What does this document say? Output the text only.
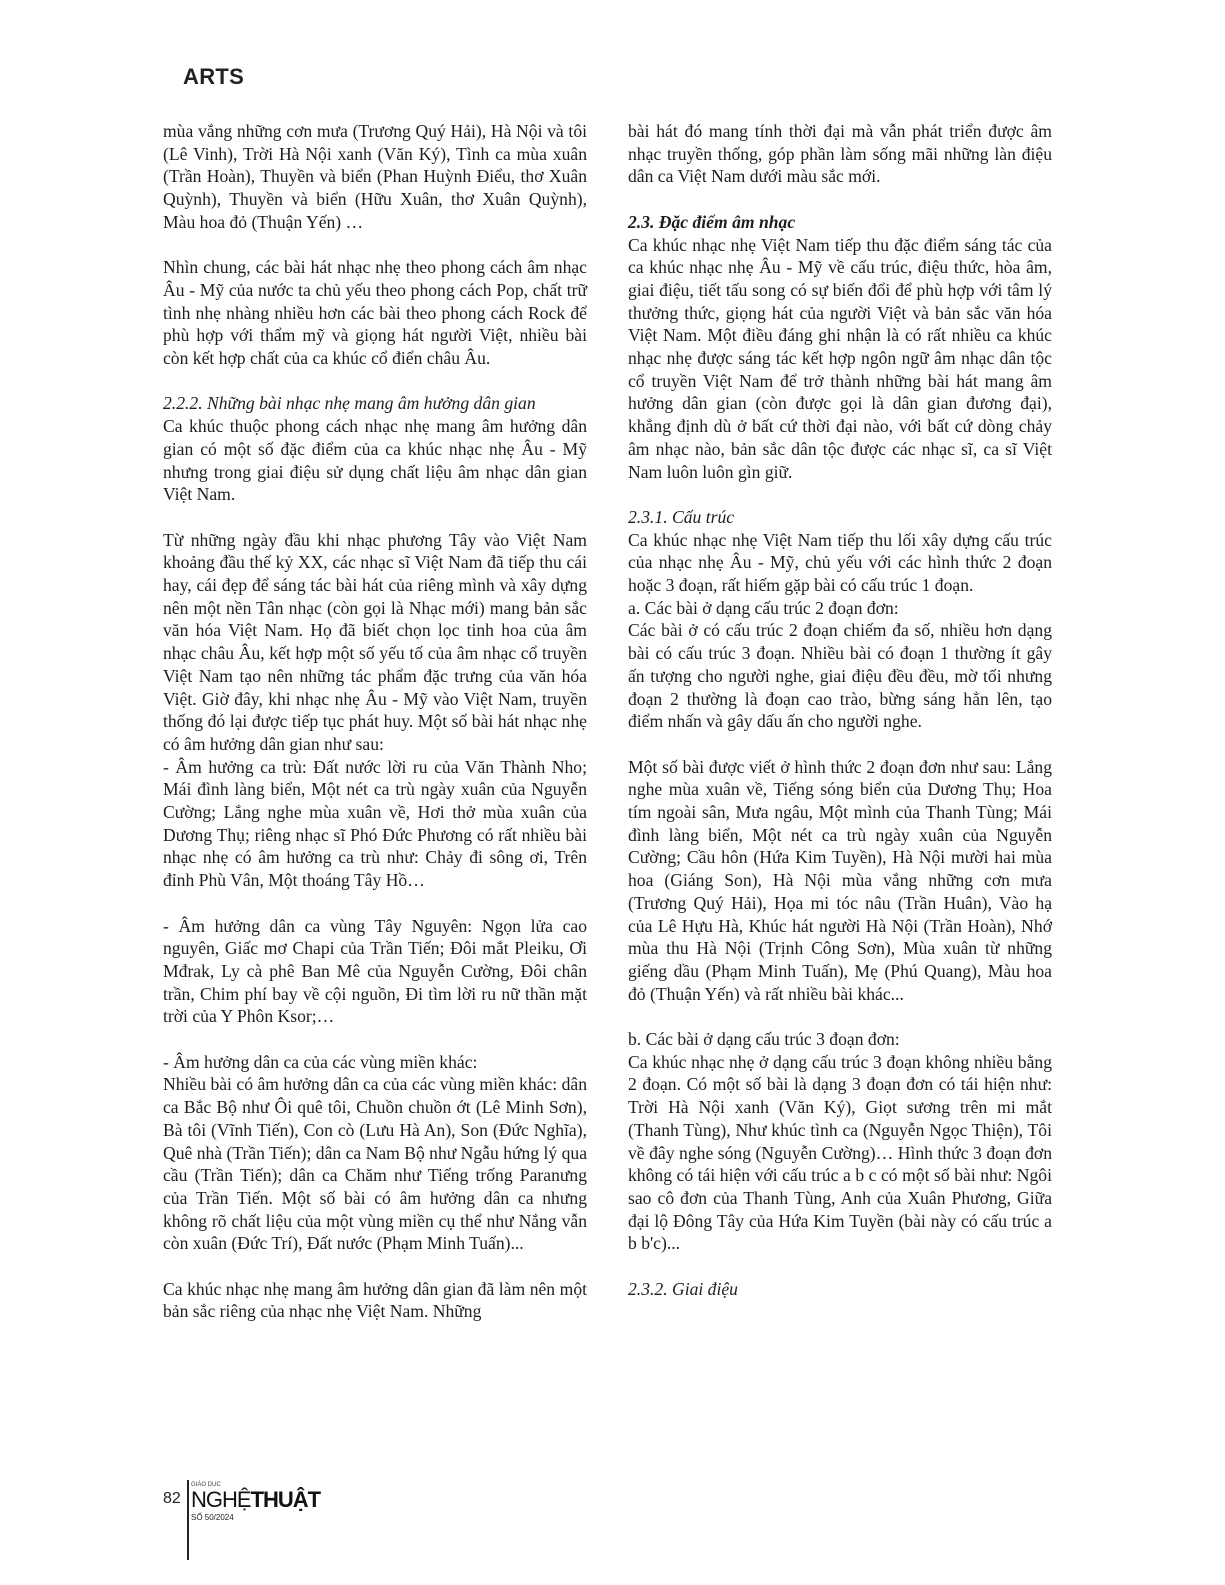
ARTS

mùa vắng những cơn mưa (Trương Quý Hải), Hà Nội và tôi (Lê Vinh), Trời Hà Nội xanh (Văn Ký), Tình ca mùa xuân (Trần Hoàn), Thuyền và biển (Phan Huỳnh Điểu, thơ Xuân Quỳnh), Thuyền và biển (Hữu Xuân, thơ Xuân Quỳnh), Màu hoa đỏ (Thuận Yến) …

Nhìn chung, các bài hát nhạc nhẹ theo phong cách âm nhạc Âu - Mỹ của nước ta chủ yếu theo phong cách Pop, chất trữ tình nhẹ nhàng nhiều hơn các bài theo phong cách Rock để phù hợp với thẩm mỹ và giọng hát người Việt, nhiều bài còn kết hợp chất của ca khúc cổ điển châu Âu.

2.2.2. Những bài nhạc nhẹ mang âm hưởng dân gian

Ca khúc thuộc phong cách nhạc nhẹ mang âm hưởng dân gian có một số đặc điểm của ca khúc nhạc nhẹ Âu - Mỹ nhưng trong giai điệu sử dụng chất liệu âm nhạc dân gian Việt Nam.

Từ những ngày đầu khi nhạc phương Tây vào Việt Nam khoảng đầu thế kỷ XX, các nhạc sĩ Việt Nam đã tiếp thu cái hay, cái đẹp để sáng tác bài hát của riêng mình và xây dựng nên một nền Tân nhạc (còn gọi là Nhạc mới) mang bản sắc văn hóa Việt Nam. Họ đã biết chọn lọc tinh hoa của âm nhạc châu Âu, kết hợp một số yếu tố của âm nhạc cổ truyền Việt Nam tạo nên những tác phẩm đặc trưng của văn hóa Việt. Giờ đây, khi nhạc nhẹ Âu - Mỹ vào Việt Nam, truyền thống đó lại được tiếp tục phát huy. Một số bài hát nhạc nhẹ có âm hưởng dân gian như sau:

- Âm hưởng ca trù: Đất nước lời ru của Văn Thành Nho; Mái đình làng biển, Một nét ca trù ngày xuân của Nguyễn Cường; Lắng nghe mùa xuân về, Hơi thở mùa xuân của Dương Thụ; riêng nhạc sĩ Phó Đức Phương có rất nhiều bài nhạc nhẹ có âm hưởng ca trù như: Chảy đi sông ơi, Trên đỉnh Phù Vân, Một thoáng Tây Hồ…

- Âm hưởng dân ca vùng Tây Nguyên: Ngọn lửa cao nguyên, Giấc mơ Chapi của Trần Tiến; Đôi mắt Pleiku, Ơi Mđrak, Ly cà phê Ban Mê của Nguyễn Cường, Đôi chân trần, Chim phí bay về cội nguồn, Đi tìm lời ru nữ thần mặt trời của Y Phôn Ksor;…

- Âm hưởng dân ca của các vùng miền khác:

Nhiều bài có âm hưởng dân ca của các vùng miền khác: dân ca Bắc Bộ như Ôi quê tôi, Chuồn chuồn ớt (Lê Minh Sơn), Bà tôi (Vĩnh Tiến), Con cò (Lưu Hà An), Son (Đức Nghĩa), Quê nhà (Trần Tiến); dân ca Nam Bộ như Ngẫu hứng lý qua cầu (Trần Tiến); dân ca Chăm như Tiếng trống Paranưng của Trần Tiến. Một số bài có âm hưởng dân ca nhưng không rõ chất liệu của một vùng miền cụ thể như Nắng vẫn còn xuân (Đức Trí), Đất nước (Phạm Minh Tuấn)...

Ca khúc nhạc nhẹ mang âm hưởng dân gian đã làm nên một bản sắc riêng của nhạc nhẹ Việt Nam. Những

bài hát đó mang tính thời đại mà vẫn phát triển được âm nhạc truyền thống, góp phần làm sống mãi những làn điệu dân ca Việt Nam dưới màu sắc mới.

2.3. Đặc điểm âm nhạc

Ca khúc nhạc nhẹ Việt Nam tiếp thu đặc điểm sáng tác của ca khúc nhạc nhẹ Âu - Mỹ về cấu trúc, điệu thức, hòa âm, giai điệu, tiết tấu song có sự biến đổi để phù hợp với tâm lý thưởng thức, giọng hát của người Việt và bản sắc văn hóa Việt Nam. Một điều đáng ghi nhận là có rất nhiều ca khúc nhạc nhẹ được sáng tác kết hợp ngôn ngữ âm nhạc dân tộc cổ truyền Việt Nam để trở thành những bài hát mang âm hưởng dân gian (còn được gọi là dân gian đương đại), khẳng định dù ở bất cứ thời đại nào, với bất cứ dòng chảy âm nhạc nào, bản sắc dân tộc được các nhạc sĩ, ca sĩ Việt Nam luôn luôn gìn giữ.

2.3.1. Cấu trúc

Ca khúc nhạc nhẹ Việt Nam tiếp thu lối xây dựng cấu trúc của nhạc nhẹ Âu - Mỹ, chủ yếu với các hình thức 2 đoạn hoặc 3 đoạn, rất hiếm gặp bài có cấu trúc 1 đoạn.

a. Các bài ở dạng cấu trúc 2 đoạn đơn:

Các bài ở có cấu trúc 2 đoạn chiếm đa số, nhiều hơn dạng bài có cấu trúc 3 đoạn. Nhiều bài có đoạn 1 thường ít gây ấn tượng cho người nghe, giai điệu đều đều, mờ tối nhưng đoạn 2 thường là đoạn cao trào, bừng sáng hẳn lên, tạo điểm nhấn và gây dấu ấn cho người nghe.

Một số bài được viết ở hình thức 2 đoạn đơn như sau: Lắng nghe mùa xuân về, Tiếng sóng biển của Dương Thụ; Hoa tím ngoài sân, Mưa ngâu, Một mình của Thanh Tùng; Mái đình làng biển, Một nét ca trù ngày xuân của Nguyễn Cường; Cầu hôn (Hứa Kim Tuyền), Hà Nội mười hai mùa hoa (Giáng Son), Hà Nội mùa vắng những cơn mưa (Trương Quý Hải), Họa mi tóc nâu (Trần Huân), Vào hạ của Lê Hựu Hà, Khúc hát người Hà Nội (Trần Hoàn), Nhớ mùa thu Hà Nội (Trịnh Công Sơn), Mùa xuân từ những giếng dầu (Phạm Minh Tuấn), Mẹ (Phú Quang), Màu hoa đỏ (Thuận Yến) và rất nhiều bài khác...

b. Các bài ở dạng cấu trúc 3 đoạn đơn:

Ca khúc nhạc nhẹ ở dạng cấu trúc 3 đoạn không nhiều bằng 2 đoạn. Có một số bài là dạng 3 đoạn đơn có tái hiện như: Trời Hà Nội xanh (Văn Ký), Giọt sương trên mi mắt (Thanh Tùng), Như khúc tình ca (Nguyễn Ngọc Thiện), Tôi về đây nghe sóng (Nguyễn Cường)… Hình thức 3 đoạn đơn không có tái hiện với cấu trúc a b c có một số bài như: Ngôi sao cô đơn của Thanh Tùng, Anh của Xuân Phương, Giữa đại lộ Đông Tây của Hứa Kim Tuyền (bài này có cấu trúc a b b'c)...

2.3.2. Giai điệu
82
GIÁO DỤC
NGHỆTHUẬT
SỐ 50/2024
